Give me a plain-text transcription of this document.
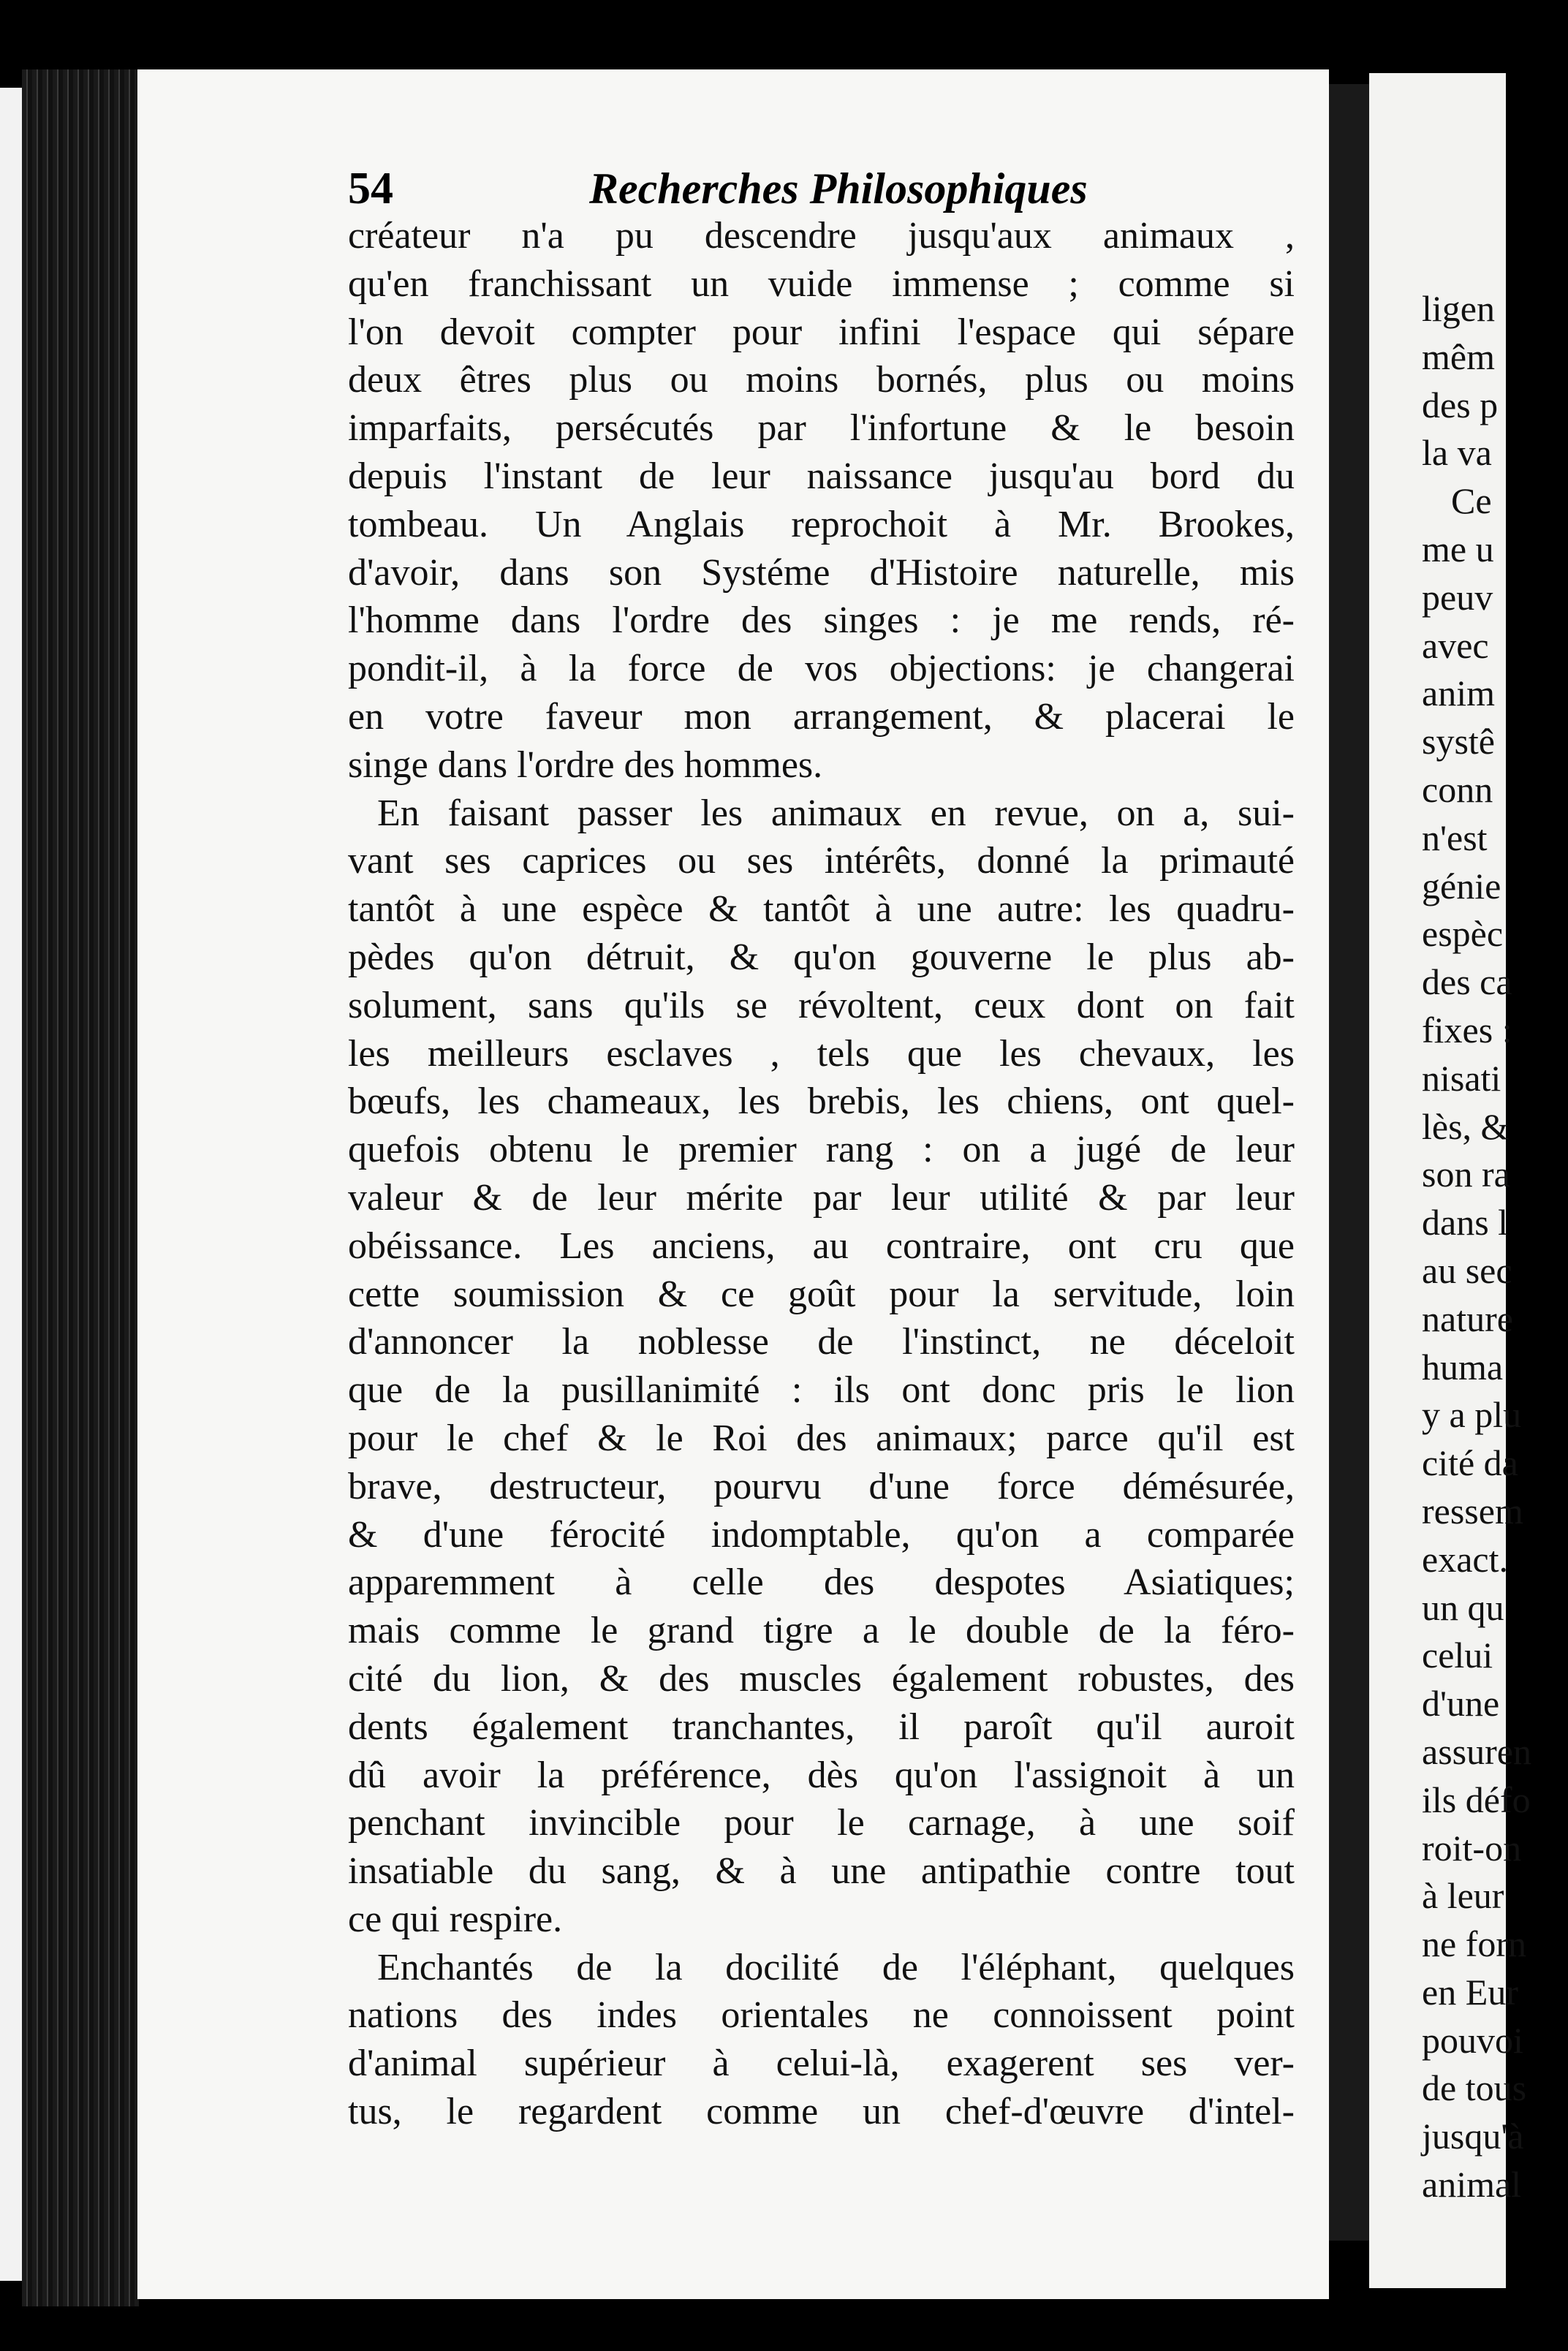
54	Recherches Philosophiques
créateur n'a pu descendre jusqu'aux animaux ,
qu'en franchissant un vuide immense ; comme si
l'on devoit compter pour infini l'espace qui sépare
deux êtres plus ou moins bornés, plus ou moins
imparfaits, persécutés par l'infortune & le besoin
depuis l'instant de leur naissance jusqu'au bord du
tombeau. Un Anglais reprochoit à Mr. Brookes,
d'avoir, dans son Systéme d'Histoire naturelle, mis
l'homme dans l'ordre des singes : je me rends, ré-
pondit-il, à la force de vos objections: je changerai
en votre faveur mon arrangement, & placerai le
singe dans l'ordre des hommes.
En faisant passer les animaux en revue, on a, sui-
vant ses caprices ou ses intérêts, donné la primauté
tantôt à une espèce & tantôt à une autre: les quadru-
pèdes qu'on détruit, & qu'on gouverne le plus ab-
solument, sans qu'ils se révoltent, ceux dont on fait
les meilleurs esclaves , tels que les chevaux, les
bœufs, les chameaux, les brebis, les chiens, ont quel-
quefois obtenu le premier rang : on a jugé de leur
valeur & de leur mérite par leur utilité & par leur
obéissance. Les anciens, au contraire, ont cru que
cette soumission & ce goût pour la servitude, loin
d'annoncer la noblesse de l'instinct, ne déceloit
que de la pusillanimité : ils ont donc pris le lion
pour le chef & le Roi des animaux; parce qu'il est
brave, destructeur, pourvu d'une force démésurée,
& d'une férocité indomptable, qu'on a comparée
apparemment à celle des despotes Asiatiques;
mais comme le grand tigre a le double de la féro-
cité du lion, & des muscles également robustes, des
dents également tranchantes, il paroît qu'il auroit
dû avoir la préférence, dès qu'on l'assignoit à un
penchant invincible pour le carnage, à une soif
insatiable du sang, & à une antipathie contre tout
ce qui respire.
Enchantés de la docilité de l'éléphant, quelques
nations des indes orientales ne connoissent point
d'animal supérieur à celui-là, exagerent ses ver-
tus, le regardent comme un chef-d'œuvre d'intel-
ligen
mêm
des p
la va
Ce
me u
peuv
avec
anim
systê
conn
n'est
génie
espèc
des ca
fixes :
nisati
lès, &
son ra
dans l
au sec
nature
huma
y a plu
cité da
ressem
exact.
un qu
celui
d'une
assuren
ils défo
roit-on
à leur
ne forn
en Eur
pouvoi
de tous
jusqu'à
animal
